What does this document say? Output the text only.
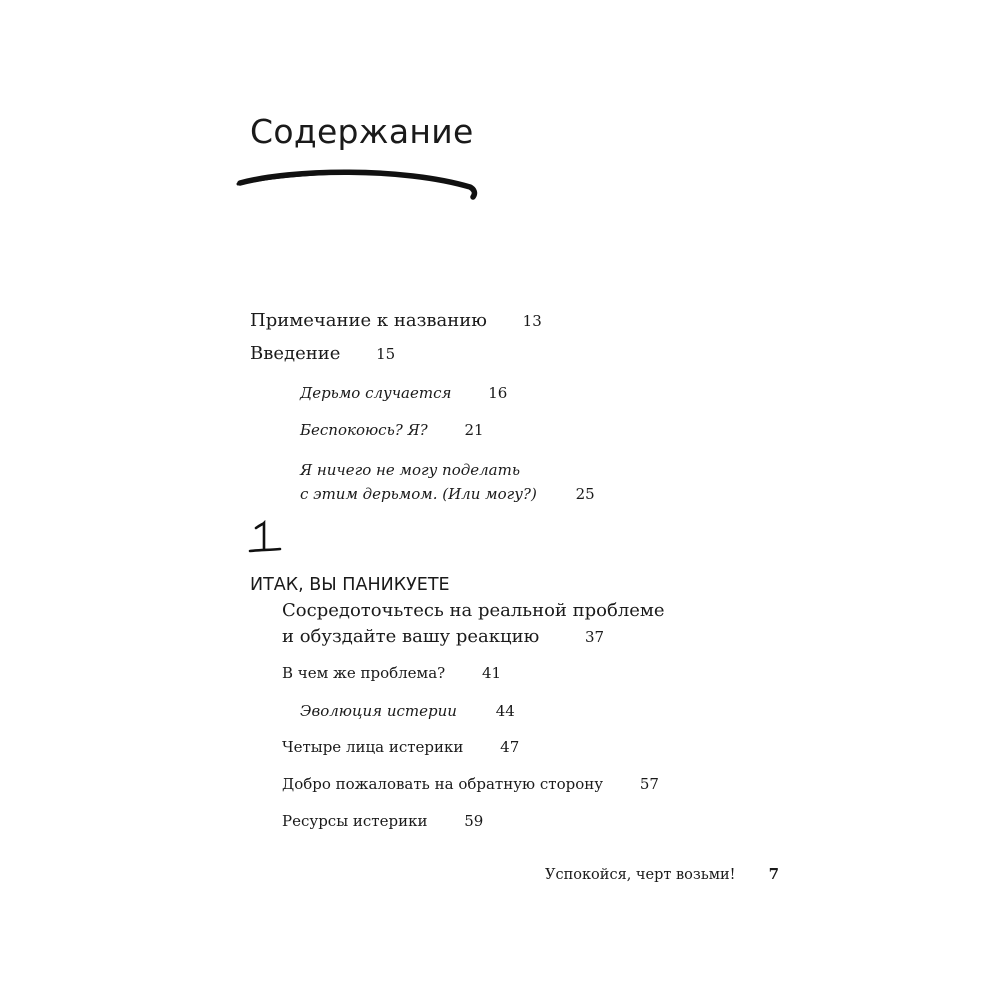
Содержание
Примечание к названию 13
Введение 15
Дерьмо случается 16
Беспокоюсь? Я? 21
Я ничего не могу поделать
с этим дерьмом. (Или могу?)	25
1
ИТАК, ВЫ ПАНИКУЕТЕ
Сосредоточьтесь на реальной проблеме
и обуздайте вашу реакцию	37
В чем же проблема? 41
Эволюция истерии	44
Четыре лица истерики 47
Добро пожаловать на обратную сторону 57
Ресурсы истерики 59
Успокойся, черт возьми! 7
